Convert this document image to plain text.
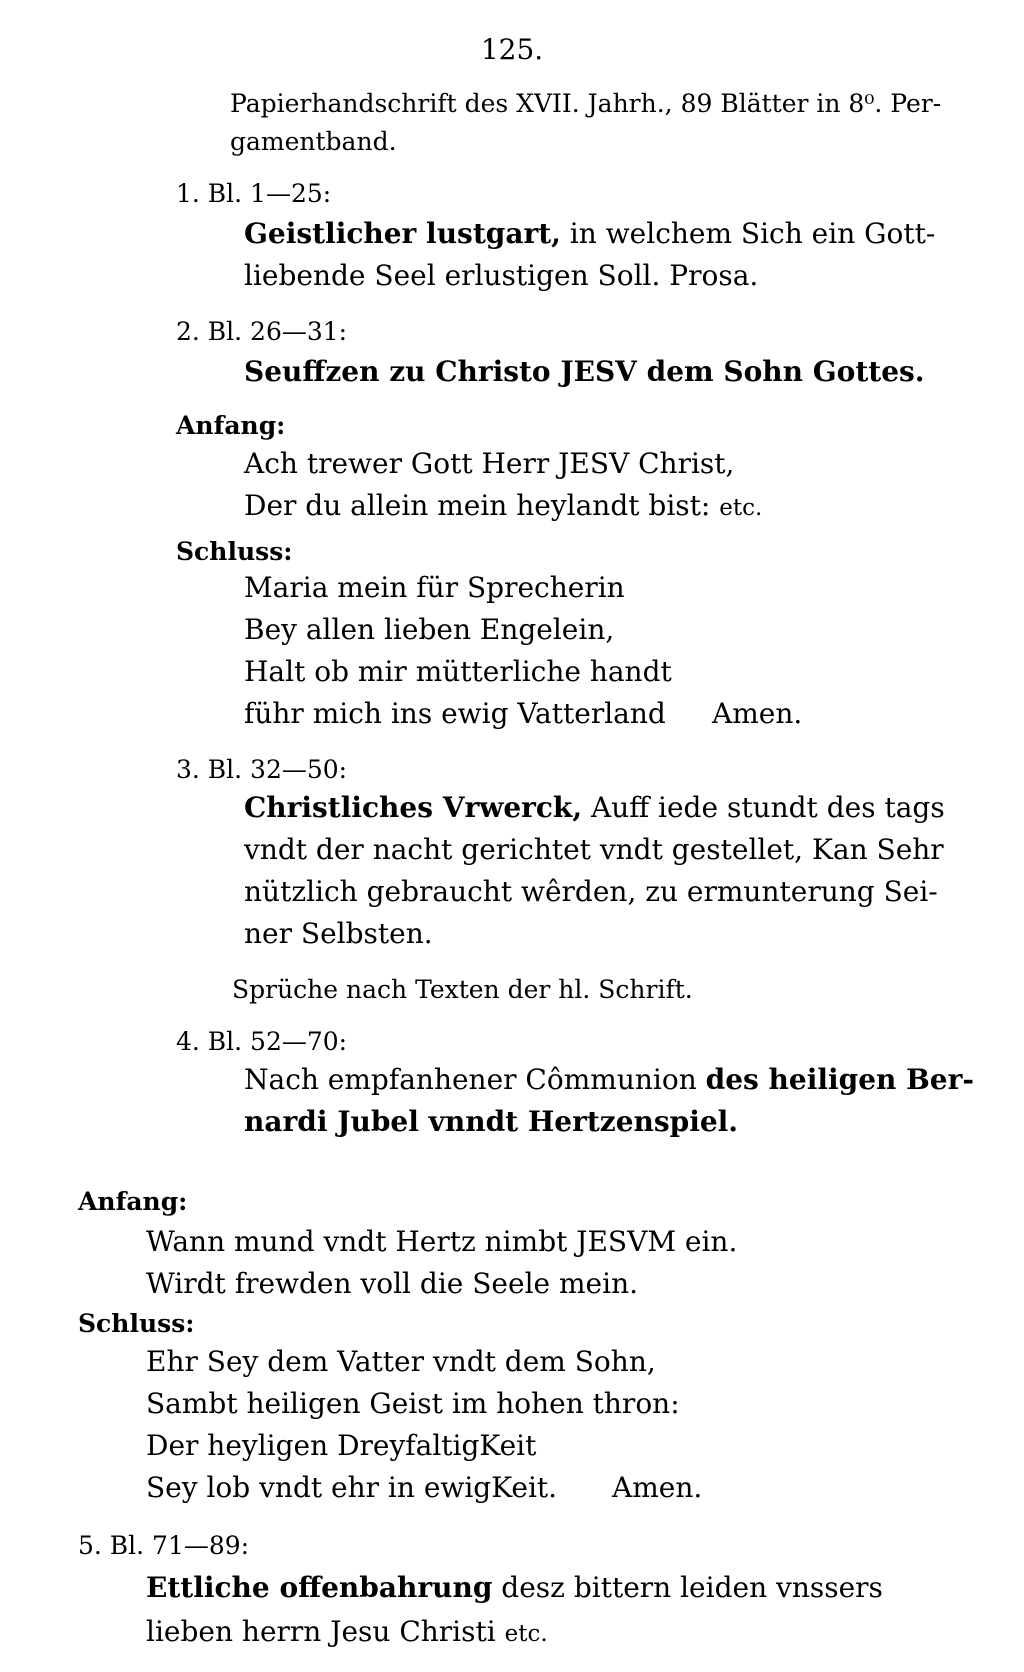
125.
Papierhandschrift des XVII. Jahrh., 89 Blätter in 8⁰. Per-
gamentband.
1. Bl. 1—25:
Geistlicher lustgart, in welchem Sich ein Gott-
liebende Seel erlustigen Soll. Prosa.
2. Bl. 26—31:
Seuffzen zu Christo JESV dem Sohn Gottes.
Anfang:
Ach trewer Gott Herr JESV Christ,
Der du allein mein heylandt bist: etc.
Schluss:
Maria mein für Sprecherin
Bey allen lieben Engelein,
Halt ob mir mütterliche handt
führ mich ins ewig Vatterland Amen.
3. Bl. 32—50:
Christliches Vrwerck, Auff iede stundt des tags
vndt der nacht gerichtet vndt gestellet, Kan Sehr
nützlich gebraucht wêrden, zu ermunterung Sei-
ner Selbsten.
Sprüche nach Texten der hl. Schrift.
4. Bl. 52—70:
Nach empfanhener Cômmunion des heiligen Ber-
nardi Jubel vnndt Hertzenspiel.
Anfang:
Wann mund vndt Hertz nimbt JESVM ein.
Wirdt frewden voll die Seele mein.
Schluss:
Ehr Sey dem Vatter vndt dem Sohn,
Sambt heiligen Geist im hohen thron:
Der heyligen DreyfaltigKeit
Sey lob vndt ehr in ewigKeit. Amen.
5. Bl. 71—89:
Ettliche offenbahrung desz bittern leiden vnssers
lieben herrn Jesu Christi etc.
